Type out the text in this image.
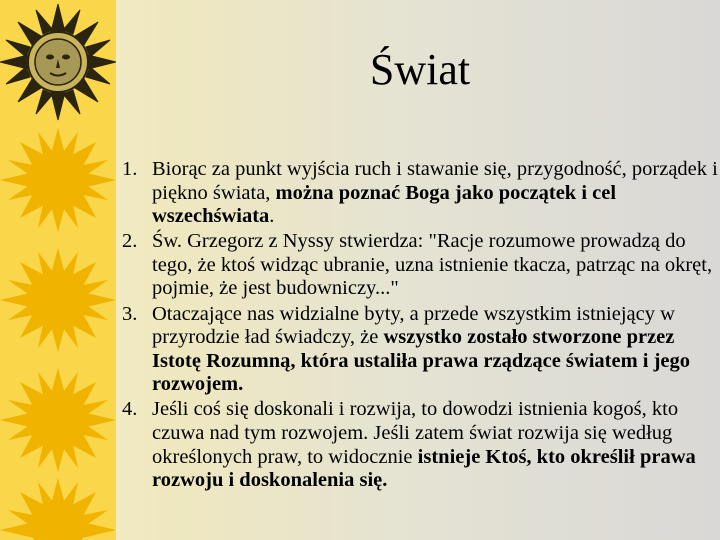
Świat
1. Biorąc za punkt wyjścia ruch i stawanie się, przygodność, porządek i piękno świata, można poznać Boga jako początek i cel wszechświata.
2. Św. Grzegorz z Nyssy stwierdza: "Racje rozumowe prowadzą do tego, że ktoś widząc ubranie, uzna istnienie tkacza, patrząc na okręt, pojmie, że jest budowniczy..."
3. Otaczające nas widzialne byty, a przede wszystkim istniejący w przyrodzie ład świadczy, że wszystko zostało stworzone przez Istotę Rozumną, która ustaliła prawa rządzące światem i jego rozwojem.
4. Jeśli coś się doskonali i rozwija, to dowodzi istnienia kogoś, kto czuwa nad tym rozwojem. Jeśli zatem świat rozwija się według określonych praw, to widocznie istnieje Ktoś, kto określił prawa rozwoju i doskonalenia się.
